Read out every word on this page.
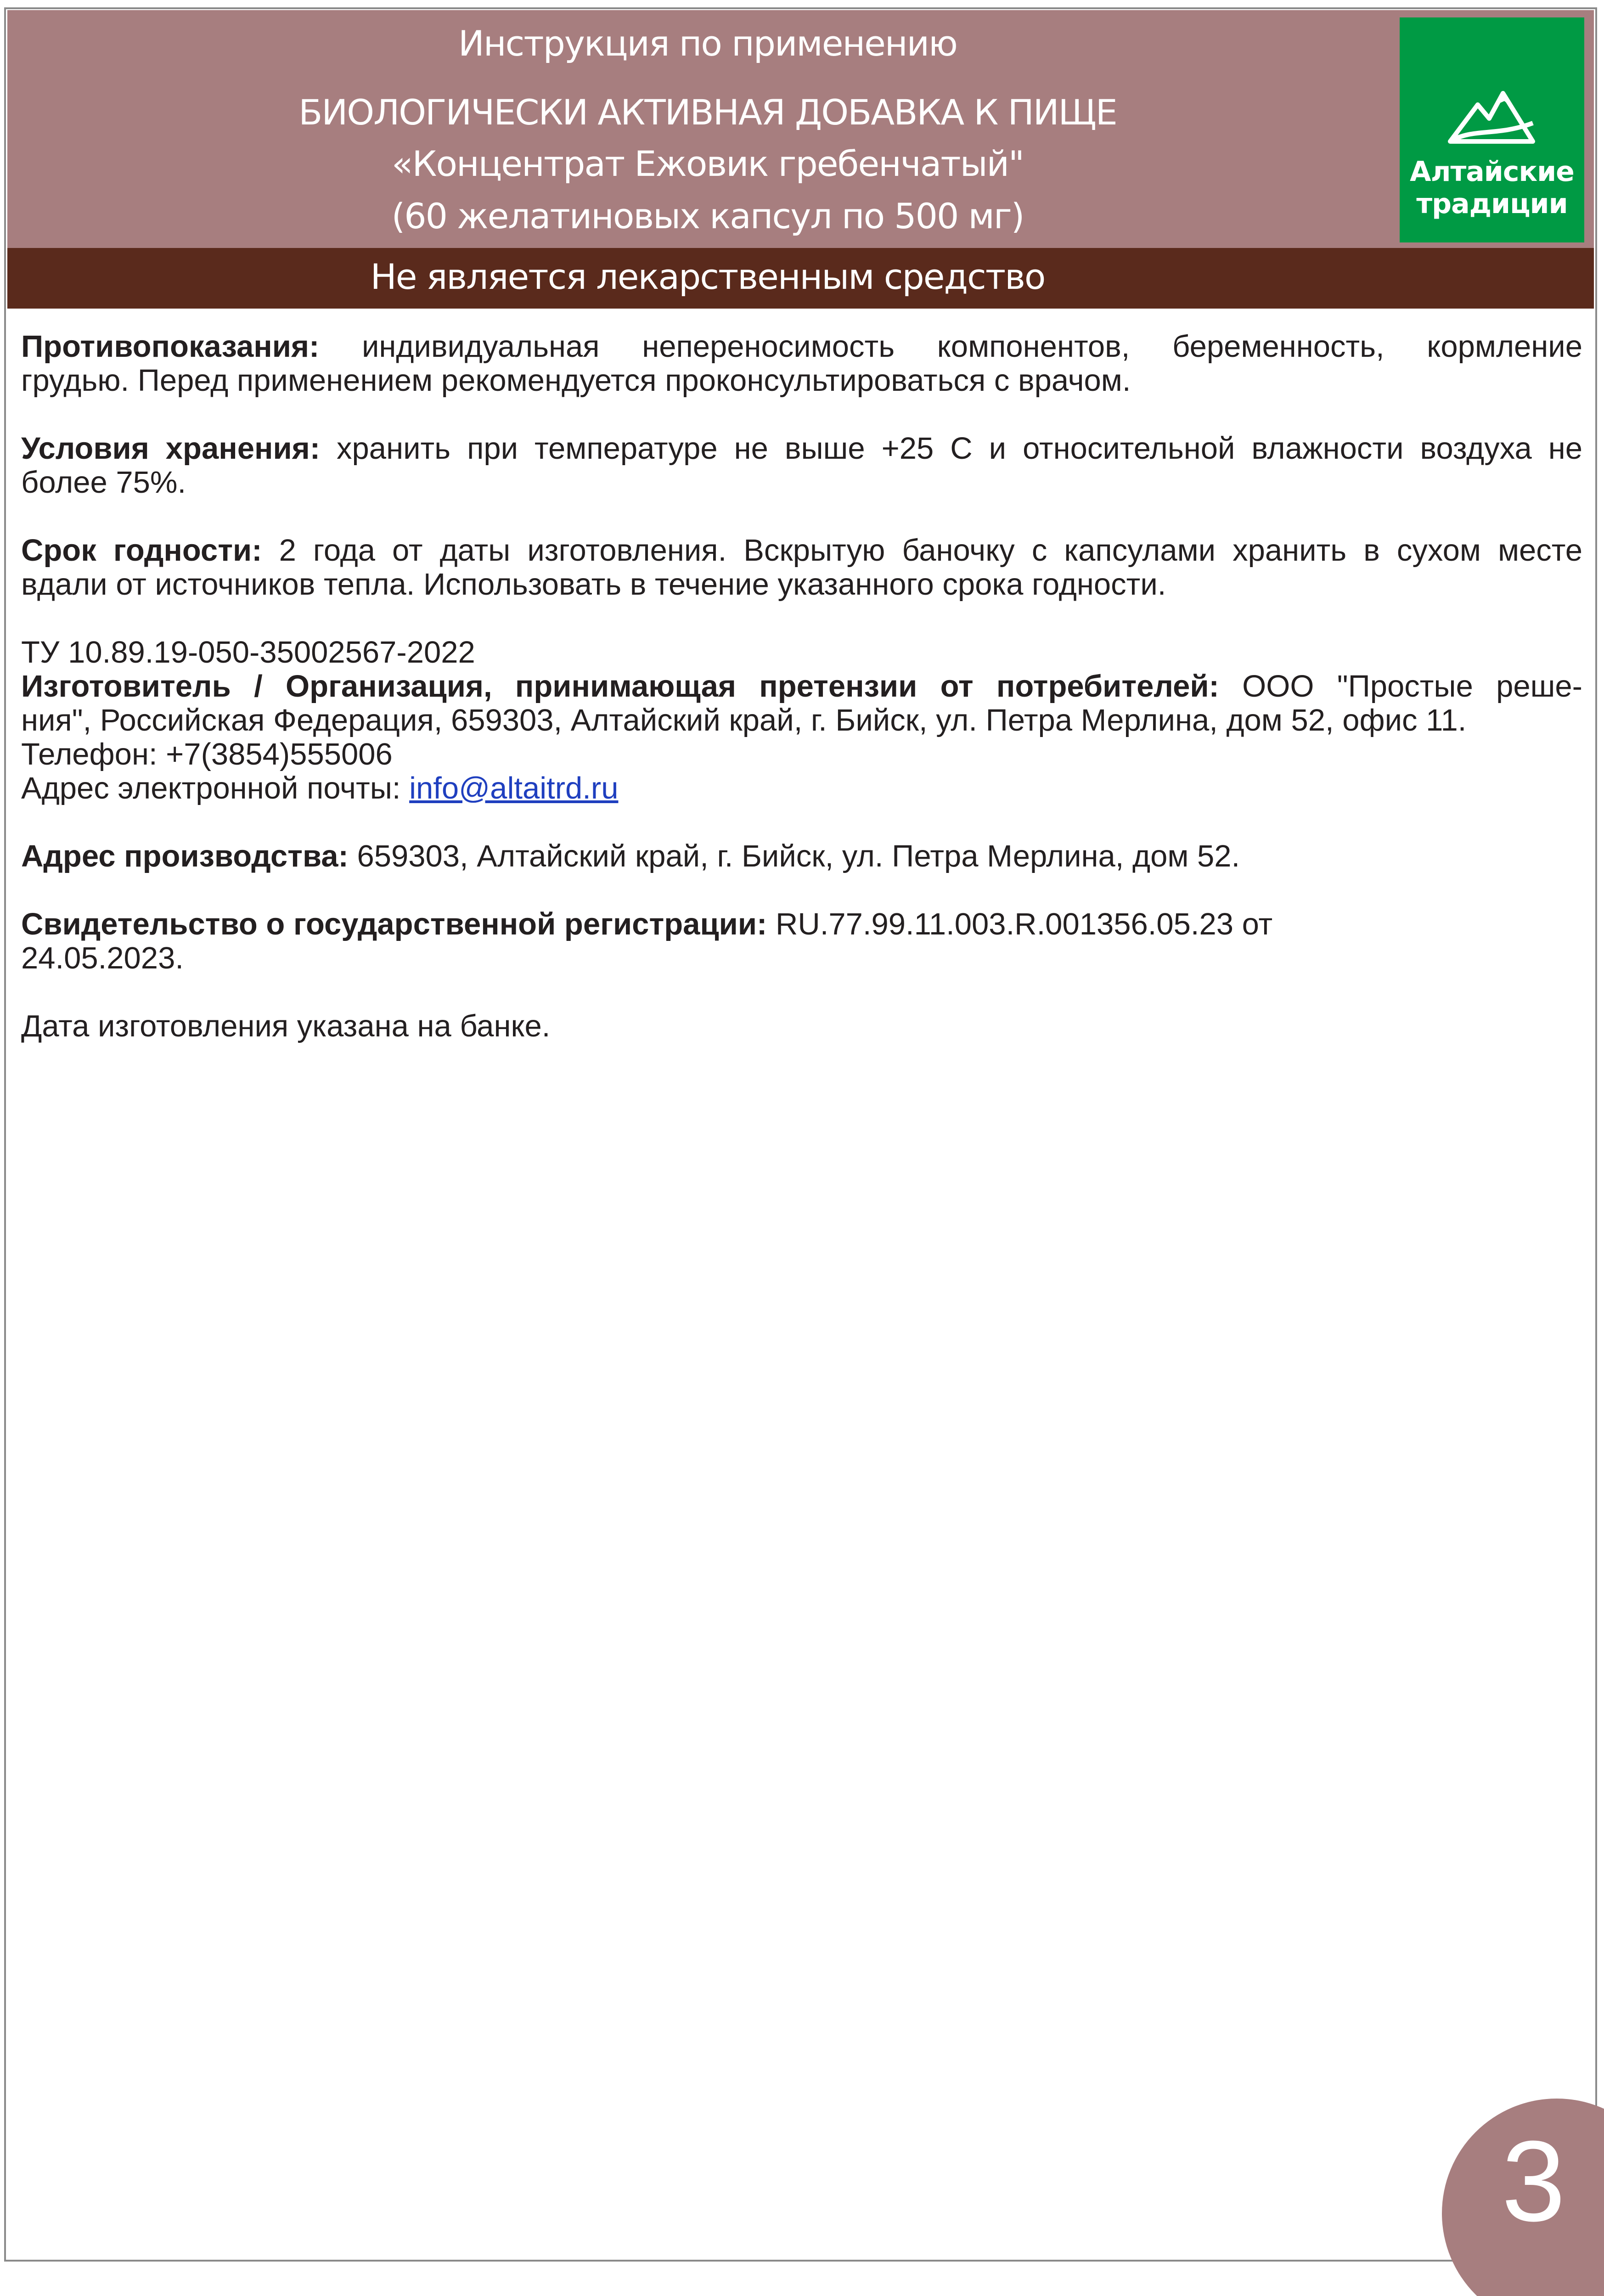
Инструкция по применению
БИОЛОГИЧЕСКИ АКТИВНАЯ ДОБАВКА К ПИЩЕ
«Концентрат Ежовик гребенчатый"
(60 желатиновых капсул по 500 мг)
Алтайские
традиции
Не является лекарственным средство

Противопоказания: индивидуальная непереносимость компонентов, беременность, кормление

грудью. Перед применением рекомендуется проконсультироваться с врачом.

Условия хранения: хранить при температуре не выше +25 С и относительной влажности воздуха не

более 75%.

Срок годности: 2 года от даты изготовления. Вскрытую баночку с капсулами хранить в сухом месте

вдали от источников тепла. Использовать в течение указанного срока годности.

ТУ 10.89.19-050-35002567-2022

Изготовитель / Организация, принимающая претензии от потребителей: ООО "Простые реше-

ния", Российская Федерация, 659303, Алтайский край, г. Бийск, ул. Петра Мерлина, дом 52, офис 11.

Телефон: +7(3854)555006

Адрес электронной почты: info@altaitrd.ru

Адрес производства: 659303, Алтайский край, г. Бийск, ул. Петра Мерлина, дом 52.

Свидетельство о государственной регистрации: RU.77.99.11.003.R.001356.05.23 от

24.05.2023.

Дата изготовления указана на банке.

3
